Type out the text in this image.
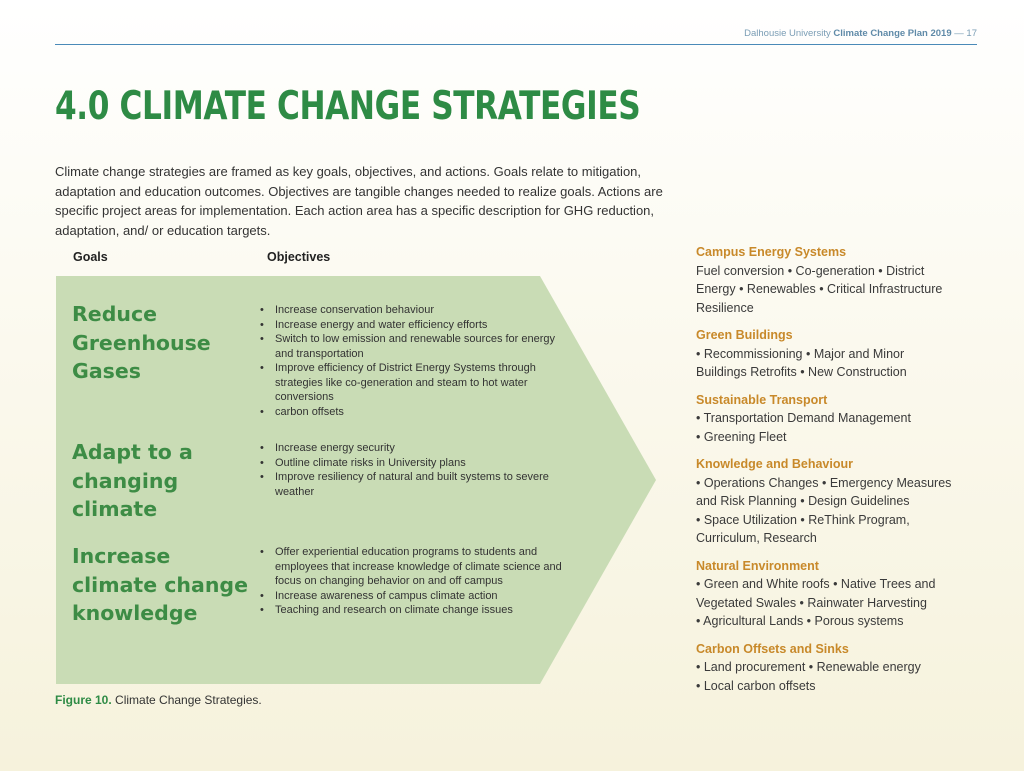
Dalhousie University Climate Change Plan 2019 — 17
4.0 CLIMATE CHANGE STRATEGIES

Climate change strategies are framed as key goals, objectives, and actions. Goals relate to mitigation, adaptation and education outcomes. Objectives are tangible changes needed to realize goals. Actions are specific project areas for implementation. Each action area has a specific description for GHG reduction, adaptation, and/ or education targets.

Goals	Objectives

Reduce
Greenhouse
Gases

Adapt to a
changing
climate

Increase
climate change
knowledge

• Increase conservation behaviour
• Increase energy and water efficiency efforts
• Switch to low emission and renewable sources for energy and transportation
• Improve efficiency of District Energy Systems through strategies like co-generation and steam to hot water conversions
• carbon offsets
• Increase energy security
• Outline climate risks in University plans
• Improve resiliency of natural and built systems to severe weather
• Offer experiential education programs to students and employees that increase knowledge of climate science and focus on changing behavior on and off campus
• Increase awareness of campus climate action
• Teaching and research on climate change issues
Figure 10. Climate Change Strategies.
Campus Energy Systems
Fuel conversion • Co-generation • District
Energy • Renewables • Critical Infrastructure
Resilience
Green Buildings
• Recommissioning • Major and Minor
Buildings Retrofits • New Construction
Sustainable Transport
• Transportation Demand Management
• Greening Fleet
Knowledge and Behaviour
• Operations Changes • Emergency Measures
and Risk Planning • Design Guidelines
• Space Utilization • ReThink Program,
Curriculum, Research
Natural Environment
• Green and White roofs • Native Trees and
Vegetated Swales • Rainwater Harvesting
• Agricultural Lands • Porous systems
Carbon Offsets and Sinks
• Land procurement • Renewable energy
• Local carbon offsets
